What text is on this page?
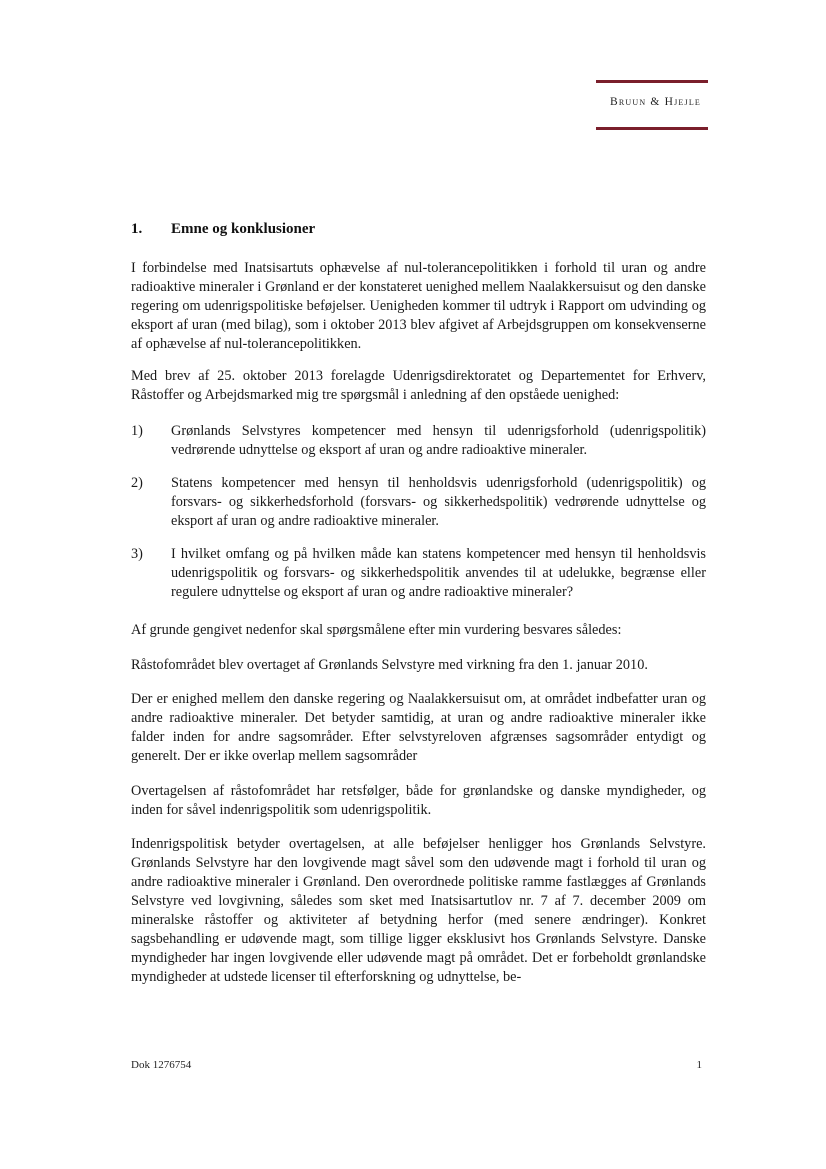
Bruun & Hjejle
1. Emne og konklusioner

I forbindelse med Inatsisartuts ophævelse af nul-tolerancepolitikken i forhold til uran og andre radioaktive mineraler i Grønland er der konstateret uenighed mellem Naalakkersuisut og den danske regering om udenrigspolitiske beføjelser. Uenigheden kommer til udtryk i Rapport om udvinding og eksport af uran (med bilag), som i oktober 2013 blev afgivet af Arbejdsgruppen om konsekvenserne af ophævelse af nul-tolerancepolitikken.

Med brev af 25. oktober 2013 forelagde Udenrigsdirektoratet og Departementet for Erhverv, Råstoffer og Arbejdsmarked mig tre spørgsmål i anledning af den opståede uenighed:

1)	Grønlands Selvstyres kompetencer med hensyn til udenrigsforhold (udenrigspolitik) vedrørende udnyttelse og eksport af uran og andre radioaktive mineraler.
2)	Statens kompetencer med hensyn til henholdsvis udenrigsforhold (udenrigspolitik) og forsvars- og sikkerhedsforhold (forsvars- og sikkerhedspolitik) vedrørende udnyttelse og eksport af uran og andre radioaktive mineraler.
3)	I hvilket omfang og på hvilken måde kan statens kompetencer med hensyn til henholdsvis udenrigspolitik og forsvars- og sikkerhedspolitik anvendes til at udelukke, begrænse eller regulere udnyttelse og eksport af uran og andre radioaktive mineraler?

Af grunde gengivet nedenfor skal spørgsmålene efter min vurdering besvares således:

Råstofområdet blev overtaget af Grønlands Selvstyre med virkning fra den 1. januar 2010.

Der er enighed mellem den danske regering og Naalakkersuisut om, at området indbefatter uran og andre radioaktive mineraler. Det betyder samtidig, at uran og andre radioaktive mineraler ikke falder inden for andre sagsområder. Efter selvstyreloven afgrænses sagsområder entydigt og generelt. Der er ikke overlap mellem sagsområder

Overtagelsen af råstofområdet har retsfølger, både for grønlandske og danske myndigheder, og inden for såvel indenrigspolitik som udenrigspolitik.

Indenrigspolitisk betyder overtagelsen, at alle beføjelser henligger hos Grønlands Selvstyre. Grønlands Selvstyre har den lovgivende magt såvel som den udøvende magt i forhold til uran og andre radioaktive mineraler i Grønland. Den overordnede politiske ramme fastlægges af Grønlands Selvstyre ved lovgivning, således som sket med Inatsisartutlov nr. 7 af 7. december 2009 om mineralske råstoffer og aktiviteter af betydning herfor (med senere ændringer). Konkret sagsbehandling er udøvende magt, som tillige ligger eksklusivt hos Grønlands Selvstyre. Danske myndigheder har ingen lovgivende eller udøvende magt på området. Det er forbeholdt grønlandske myndigheder at udstede licenser til efterforskning og udnyttelse, be-

Dok 1276754	1
